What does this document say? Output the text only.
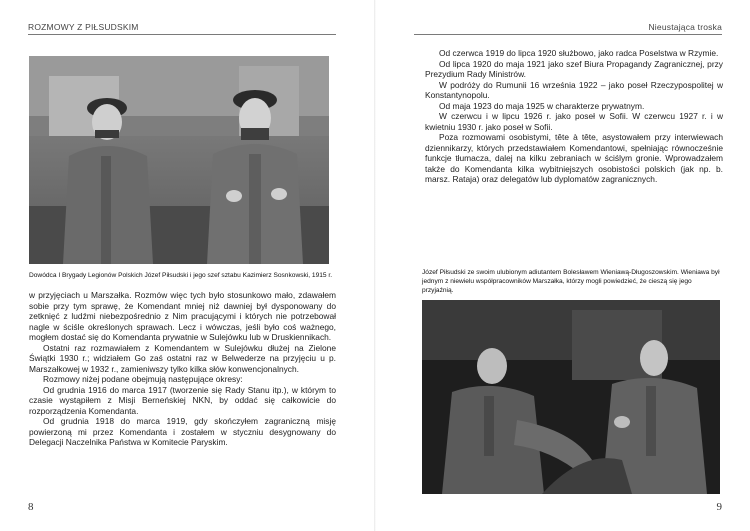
ROZMOWY Z PIŁSUDSKIM
Dowódca I Brygady Legionów Polskich Józef Piłsudski i jego szef sztabu Kazimierz Sosnkowski, 1915 r.

w przyjęciach u Marszałka. Rozmów więc tych było stosunkowo mało, zdawałem sobie przy tym sprawę, że Komendant mniej niż dawniej był dysponowany do zetknięć z ludźmi niebezpośrednio z Nim pracującymi i których nie potrzebował nagle w ściśle określonych sprawach. Lecz i wówczas, jeśli było coś ważnego, mogłem dostać się do Komendanta prywatnie w Sulejówku lub w Druskiennikach.

Ostatni raz rozmawiałem z Komendantem w Sulejówku dłużej na Zielone Świątki 1930 r.; widziałem Go zaś ostatni raz w Belwederze na przyjęciu u p. Marszałkowej w 1932 r., zamieniwszy tylko kilka słów konwencjonalnych.

Rozmowy niżej podane obejmują następujące okresy:

Od grudnia 1916 do marca 1917 (tworzenie się Rady Stanu itp.), w którym to czasie wystąpiłem z Misji Berneńskiej NKN, by oddać się całkowicie do rozporządzenia Komendanta.

Od grudnia 1918 do marca 1919, gdy skończyłem zagraniczną misję powierzoną mi przez Komendanta i zostałem w styczniu desygnowany do Delegacji Naczelnika Państwa w Komitecie Paryskim.

8
Nieustająca troska

Od czerwca 1919 do lipca 1920 służbowo, jako radca Poselstwa w Rzymie.

Od lipca 1920 do maja 1921 jako szef Biura Propagandy Zagranicznej, przy Prezydium Rady Ministrów.

W podróży do Rumunii 16 września 1922 – jako poseł Rzeczypospolitej w Konstantynopolu.

Od maja 1923 do maja 1925 w charakterze prywatnym.

W czerwcu i w lipcu 1926 r. jako poseł w Sofii. W czerwcu 1927 r. i w kwietniu 1930 r. jako poseł w Sofii.

Poza rozmowami osobistymi, tête à tête, asystowałem przy interwiewach dziennikarzy, których przedstawiałem Komendantowi, spełniając równocześnie funkcje tłumacza, dalej na kilku zebraniach w ściślym gronie. Wprowadzałem także do Komendanta kilka wybitniejszych osobistości polskich (jak np. b. marsz. Rataja) oraz delegatów lub dyplomatów zagranicznych.

Józef Piłsudski ze swoim ulubionym adiutantem Bolesławem Wieniawą-Długoszowskim. Wieniawa był jednym z niewielu współpracowników Marszałka, którzy mogli powiedzieć, że cieszą się jego przyjaźnią.
9
